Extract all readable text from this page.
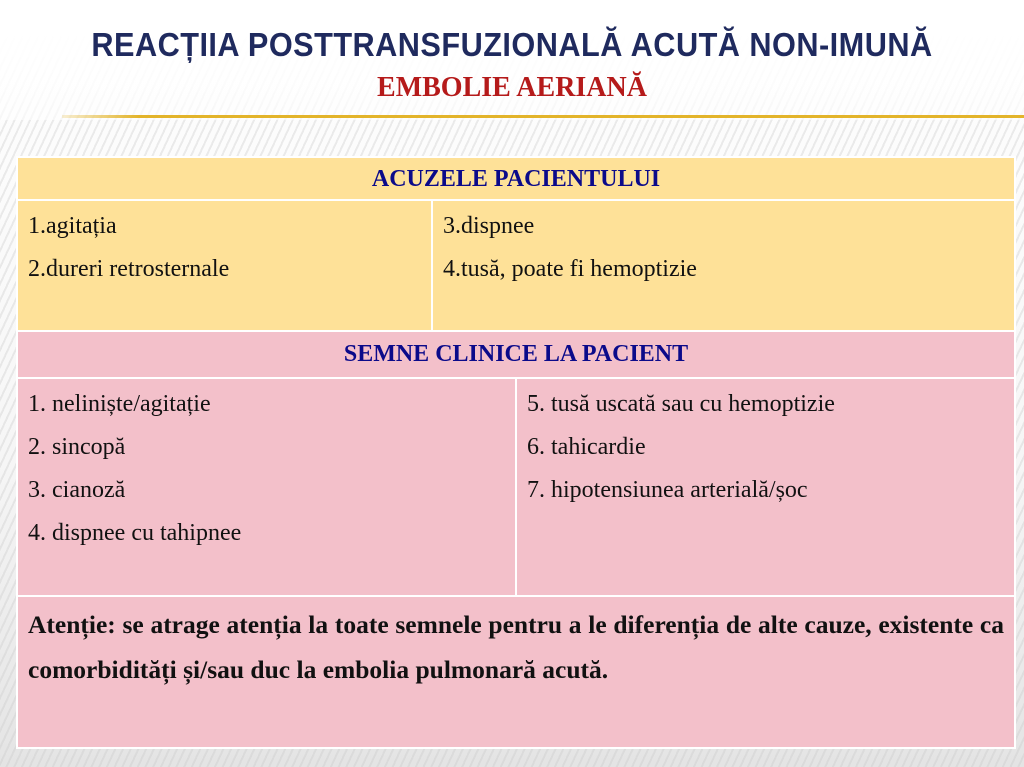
REACȚIIA POSTTRANSFUZIONALĂ ACUTĂ NON-IMUNĂ
EMBOLIE AERIANĂ
ACUZELE PACIENTULUI
1.agitația
2.dureri retrosternale
3.dispnee
4.tusă, poate fi hemoptizie
SEMNE CLINICE LA PACIENT
1. neliniște/agitație
2. sincopă
3. cianoză
4. dispnee cu tahipnee
5. tusă uscată sau cu hemoptizie
6. tahicardie
7. hipotensiunea arterială/șoc
Atenție: se atrage atenția la toate semnele pentru a le diferenția de alte cauze, existente ca comorbidități și/sau duc la embolia pulmonară acută.
